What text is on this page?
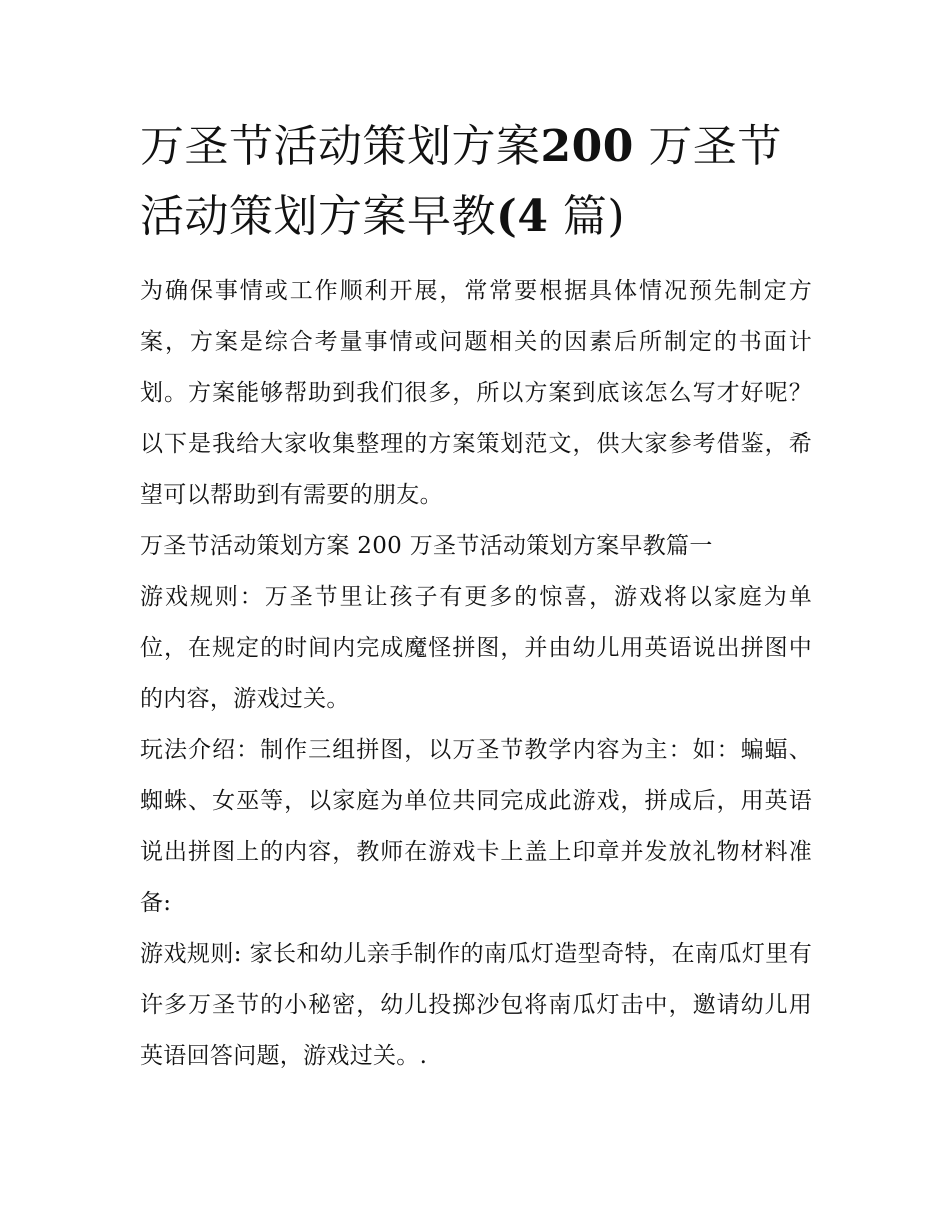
万圣节活动策划方案200 万圣节活动策划方案早教(4 篇)

为确保事情或工作顺利开展，常常要根据具体情况预先制定方案，方案是综合考量事情或问题相关的因素后所制定的书面计划。方案能够帮助到我们很多，所以方案到底该怎么写才好呢？以下是我给大家收集整理的方案策划范文，供大家参考借鉴，希望可以帮助到有需要的朋友。

万圣节活动策划方案 200 万圣节活动策划方案早教篇一

游戏规则：万圣节里让孩子有更多的惊喜，游戏将以家庭为单位，在规定的时间内完成魔怪拼图，并由幼儿用英语说出拼图中的内容，游戏过关。

玩法介绍：制作三组拼图，以万圣节教学内容为主：如：蝙蝠、蜘蛛、女巫等，以家庭为单位共同完成此游戏，拼成后，用英语说出拼图上的内容，教师在游戏卡上盖上印章并发放礼物材料准备:

游戏规则: 家长和幼儿亲手制作的南瓜灯造型奇特，在南瓜灯里有许多万圣节的小秘密，幼儿投掷沙包将南瓜灯击中，邀请幼儿用英语回答问题，游戏过关。.
